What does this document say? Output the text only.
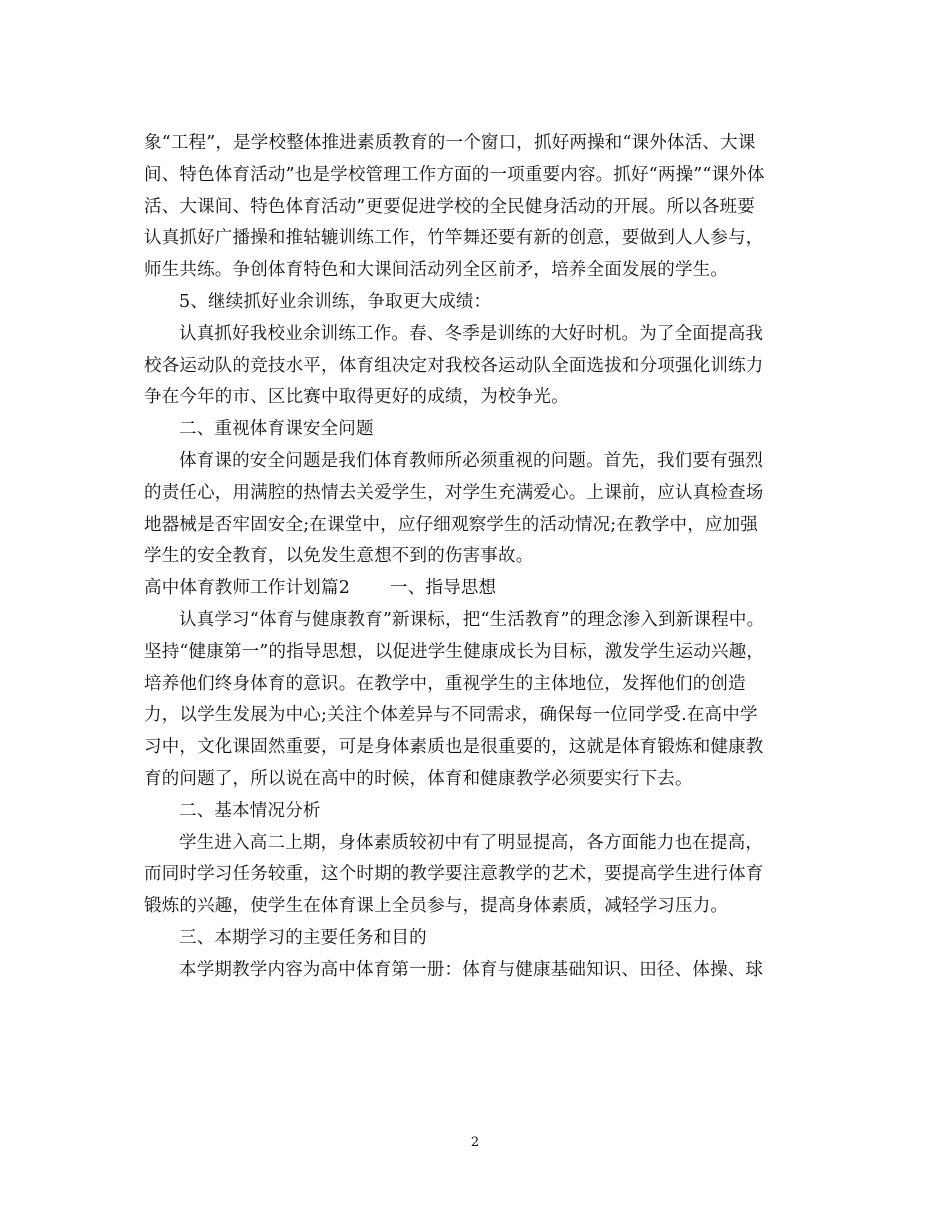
象“工程”，是学校整体推进素质教育的一个窗口，抓好两操和“课外体活、大课
间、特色体育活动”也是学校管理工作方面的一项重要内容。抓好“两操”“课外体
活、大课间、特色体育活动”更要促进学校的全民健身活动的开展。所以各班要
认真抓好广播操和推轱辘训练工作，竹竿舞还要有新的创意，要做到人人参与，
师生共练。争创体育特色和大课间活动列全区前矛，培养全面发展的学生。
5、继续抓好业余训练，争取更大成绩：
认真抓好我校业余训练工作。春、冬季是训练的大好时机。为了全面提高我
校各运动队的竞技水平，体育组决定对我校各运动队全面选拔和分项强化训练力
争在今年的市、区比赛中取得更好的成绩，为校争光。
二、重视体育课安全问题
体育课的安全问题是我们体育教师所必须重视的问题。首先，我们要有强烈
的责任心，用满腔的热情去关爱学生，对学生充满爱心。上课前，应认真检查场
地器械是否牢固安全;在课堂中，应仔细观察学生的活动情况;在教学中，应加强
学生的安全教育，以免发生意想不到的伤害事故。
高中体育教师工作计划篇2 一、指导思想
认真学习“体育与健康教育”新课标，把“生活教育”的理念渗入到新课程中。
坚持“健康第一”的指导思想，以促进学生健康成长为目标，激发学生运动兴趣，
培养他们终身体育的意识。在教学中，重视学生的主体地位，发挥他们的创造
力，以学生发展为中心;关注个体差异与不同需求，确保每一位同学受.在高中学
习中，文化课固然重要，可是身体素质也是很重要的，这就是体育锻炼和健康教
育的问题了，所以说在高中的时候，体育和健康教学必须要实行下去。
二、基本情况分析
学生进入高二上期，身体素质较初中有了明显提高，各方面能力也在提高，
而同时学习任务较重，这个时期的教学要注意教学的艺术，要提高学生进行体育
锻炼的兴趣，使学生在体育课上全员参与，提高身体素质，减轻学习压力。
三、本期学习的主要任务和目的
本学期教学内容为高中体育第一册：体育与健康基础知识、田径、体操、球
2
